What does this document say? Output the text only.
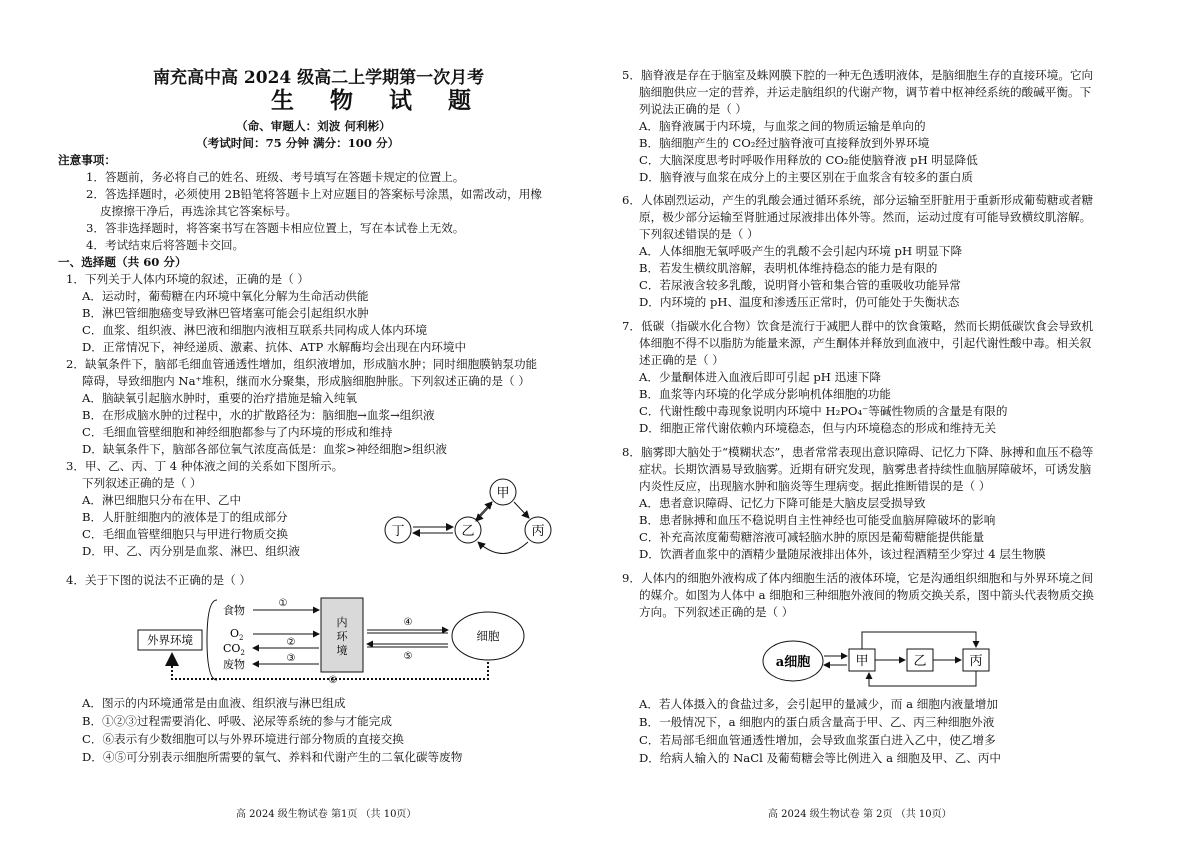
南充高中高 2024 级高二上学期第一次月考
生 物 试 题
（命、审题人：刘波 何利彬）
（考试时间：75 分钟 满分：100 分）
注意事项：
1．答题前，务必将自己的姓名、班级、考号填写在答题卡规定的位置上。
2．答选择题时，必须使用 2B铅笔将答题卡上对应题目的答案标号涂黑，如需改动，用橡
皮擦擦干净后，再选涂其它答案标号。
3．答非选择题时，将答案书写在答题卡相应位置上，写在本试卷上无效。
4．考试结束后将答题卡交回。
一、选择题（共 60 分）
1．下列关于人体内环境的叙述，正确的是（ ）
A．运动时，葡萄糖在内环境中氧化分解为生命活动供能
B．淋巴管细胞癌变导致淋巴管堵塞可能会引起组织水肿
C．血浆、组织液、淋巴液和细胞内液相互联系共同构成人体内环境
D．正常情况下，神经递质、激素、抗体、ATP 水解酶均会出现在内环境中
2．缺氧条件下，脑部毛细血管通透性增加，组织液增加，形成脑水肿；同时细胞膜钠泵功能
障碍，导致细胞内 Na⁺堆积，继而水分聚集，形成脑细胞肿胀。下列叙述正确的是（ ）
A．脑缺氧引起脑水肿时，重要的治疗措施是输入纯氧
B．在形成脑水肿的过程中，水的扩散路径为：脑细胞→血浆→组织液
C．毛细血管壁细胞和神经细胞都参与了内环境的形成和维持
D．缺氧条件下，脑部各部位氧气浓度高低是：血浆>神经细胞>组织液
3．甲、乙、丙、丁 4 种体液之间的关系如下图所示。
下列叙述正确的是（ ）
A．淋巴细胞只分布在甲、乙中
B．人肝脏细胞内的液体是丁的组成部分
C．毛细血管壁细胞只与甲进行物质交换
D．甲、乙、丙分别是血浆、淋巴、组织液
甲
乙	丙
丁
4．关于下图的说法不正确的是（ ）
外界环境
食物
$O_2$
$CO_2$
废物
①
②
③
内
环
境
④
⑤
细胞
⑥
A．图示的内环境通常是由血液、组织液与淋巴组成
B．①②③过程需要消化、呼吸、泌尿等系统的参与才能完成
C．⑥表示有少数细胞可以与外界环境进行部分物质的直接交换
D．④⑤可分别表示细胞所需要的氧气、养料和代谢产生的二氧化碳等废物
高 2024 级生物试卷 第1页 （共 10页）
5．脑脊液是存在于脑室及蛛网膜下腔的一种无色透明液体，是脑细胞生存的直接环境。它向
脑细胞供应一定的营养，并运走脑组织的代谢产物，调节着中枢神经系统的酸碱平衡。下
列说法正确的是（ ）
A．脑脊液属于内环境，与血浆之间的物质运输是单向的
B．脑细胞产生的 CO₂经过脑脊液可直接释放到外界环境
C．大脑深度思考时呼吸作用释放的 CO₂能使脑脊液 pH 明显降低
D．脑脊液与血浆在成分上的主要区别在于血浆含有较多的蛋白质
6．人体剧烈运动，产生的乳酸会通过循环系统，部分运输至肝脏用于重新形成葡萄糖或者糖
原，极少部分运输至肾脏通过尿液排出体外等。然而，运动过度有可能导致横纹肌溶解。
下列叙述错误的是（ ）
A．人体细胞无氧呼吸产生的乳酸不会引起内环境 pH 明显下降
B．若发生横纹肌溶解，表明机体维持稳态的能力是有限的
C．若尿液含较多乳酸，说明肾小管和集合管的重吸收功能异常
D．内环境的 pH、温度和渗透压正常时，仍可能处于失衡状态
7．低碳（指碳水化合物）饮食是流行于减肥人群中的饮食策略，然而长期低碳饮食会导致机
体细胞不得不以脂肪为能量来源，产生酮体并释放到血液中，引起代谢性酸中毒。相关叙
述正确的是（ ）
A．少量酮体进入血液后即可引起 pH 迅速下降
B．血浆等内环境的化学成分影响机体细胞的功能
C．代谢性酸中毒现象说明内环境中 H₂PO₄⁻等碱性物质的含量是有限的
D．细胞正常代谢依赖内环境稳态，但与内环境稳态的形成和维持无关
8．脑雾即大脑处于“模糊状态”，患者常常表现出意识障碍、记忆力下降、脉搏和血压不稳等
症状。长期饮酒易导致脑雾。近期有研究发现，脑雾患者持续性血脑屏障破坏，可诱发脑
内炎性反应，出现脑水肿和脑炎等生理病变。据此推断错误的是（ ）
A．患者意识障碍、记忆力下降可能是大脑皮层受损导致
B．患者脉搏和血压不稳说明自主性神经也可能受血脑屏障破坏的影响
C．补充高浓度葡萄糖溶液可减轻脑水肿的原因是葡萄糖能提供能量
D．饮酒者血浆中的酒精少量随尿液排出体外，该过程酒精至少穿过 4 层生物膜
9．人体内的细胞外液构成了体内细胞生活的液体环境，它是沟通组织细胞和与外界环境之间
的媒介。如图为人体中 a 细胞和三种细胞外液间的物质交换关系，图中箭头代表物质交换
方向。下列叙述正确的是（ ）
a细胞	甲	乙	丙
A．若人体摄入的食盐过多，会引起甲的量减少，而 a 细胞内液量增加
B．一般情况下，a 细胞内的蛋白质含量高于甲、乙、丙三种细胞外液
C．若局部毛细血管通透性增加，会导致血浆蛋白进入乙中，使乙增多
D．给病人输入的 NaCl 及葡萄糖会等比例进入 a 细胞及甲、乙、丙中
高 2024 级生物试卷 第 2页 （共 10页）
